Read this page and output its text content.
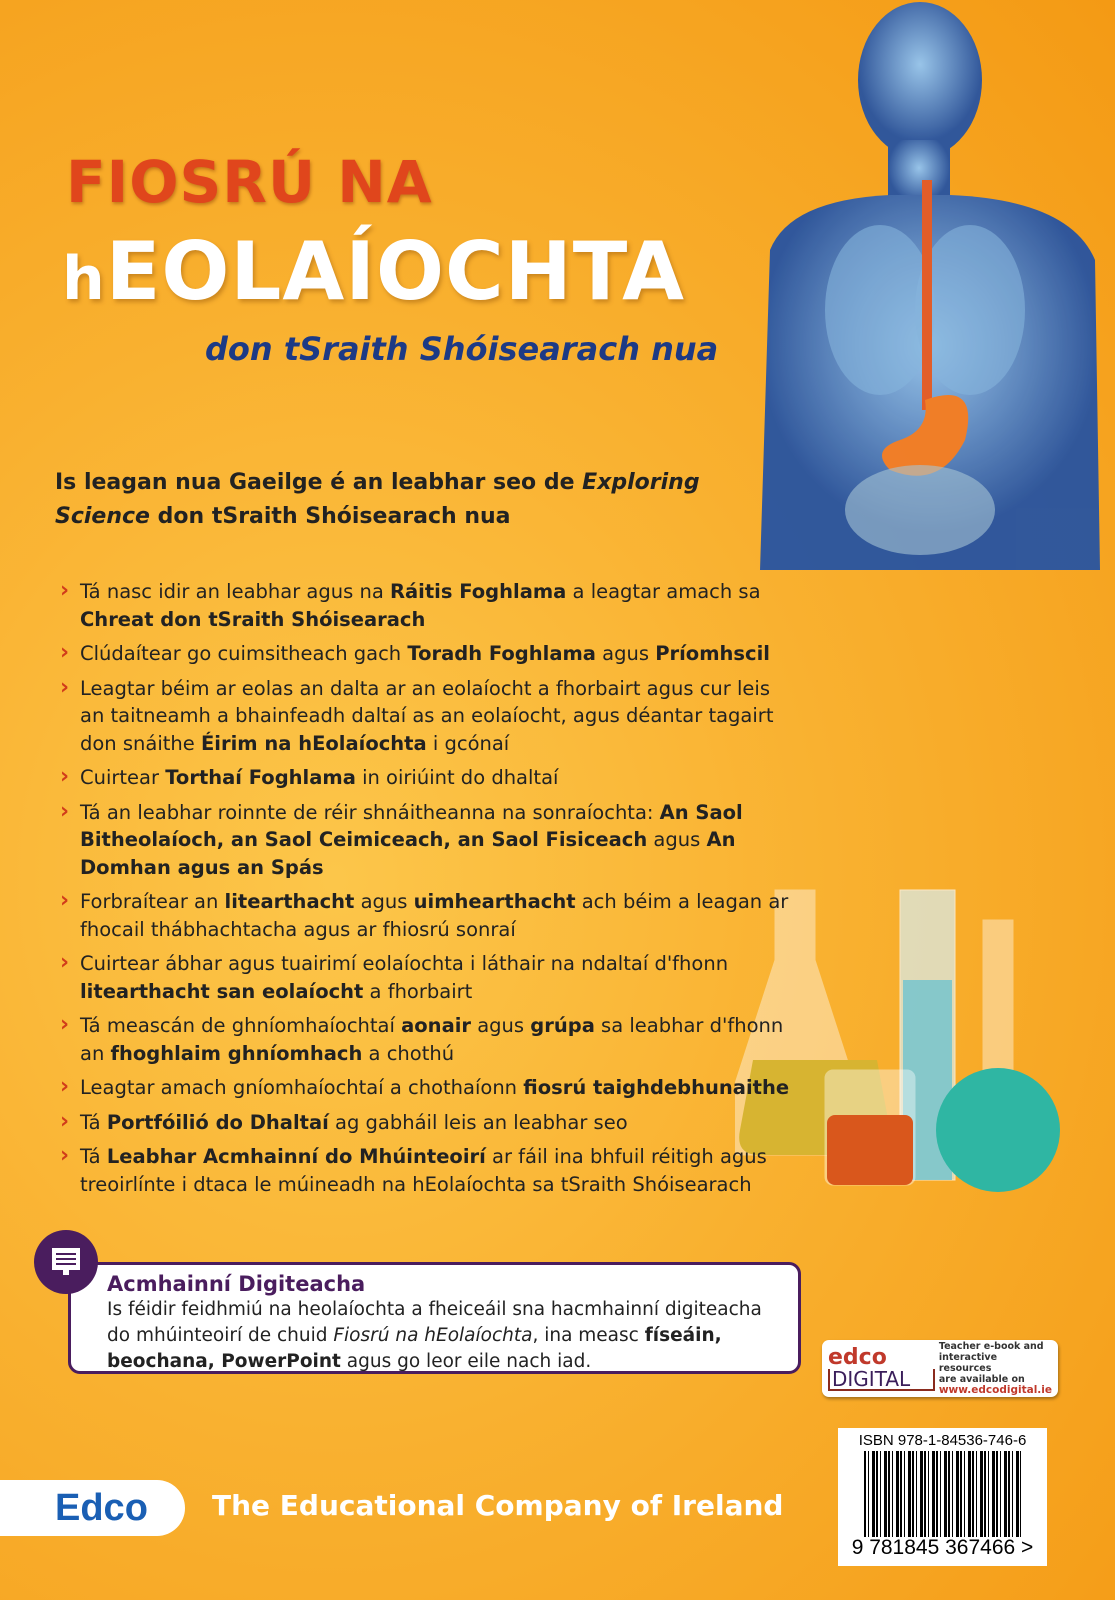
FIOSRÚ NA
hEOLAÍOCHTA
don tSraith Shóisearach nua
Is leagan nua Gaeilge é an leabhar seo de Exploring Science don tSraith Shóisearach nua
› Tá nasc idir an leabhar agus na Ráitis Foghlama a leagtar amach sa Chreat don tSraith Shóisearach
› Clúdaítear go cuimsitheach gach Toradh Foghlama agus Príomhscil
› Leagtar béim ar eolas an dalta ar an eolaíocht a fhorbairt agus cur leis an taitneamh a bhainfeadh daltaí as an eolaíocht, agus déantar tagairt don snáithe Éirim na hEolaíochta i gcónaí
› Cuirtear Torthaí Foghlama in oiriúint do dhaltaí
› Tá an leabhar roinnte de réir shnáitheanna na sonraíochta: An Saol Bitheolaíoch, an Saol Ceimiceach, an Saol Fisiceach agus An Domhan agus an Spás
› Forbraítear an litearthacht agus uimhearthacht ach béim a leagan ar fhocail thábhachtacha agus ar fhiosrú sonraí
› Cuirtear ábhar agus tuairimí eolaíochta i láthair na ndaltaí d'fhonn litearthacht san eolaíocht a fhorbairt
› Tá meascán de ghníomhaíochtaí aonair agus grúpa sa leabhar d'fhonn an fhoghlaim ghníomhach a chothú
› Leagtar amach gníomhaíochtaí a chothaíonn fiosrú taighdebhunaithe
› Tá Portfóilió do Dhaltaí ag gabháil leis an leabhar seo
› Tá Leabhar Acmhainní do Mhúinteoirí ar fáil ina bhfuil réitigh agus treoirlínte i dtaca le múineadh na hEolaíochta sa tSraith Shóisearach
Acmhainní Digiteacha
Is féidir feidhmiú na heolaíochta a fheiceáil sna hacmhainní digiteacha do mhúinteoirí de chuid Fiosrú na hEolaíochta, ina measc físeáin, beochana, PowerPoint agus go leor eile nach iad.	edco
DIGITAL
Teacher e-book and
interactive resources
are available on
www.edcodigital.ie
ISBN 978-1-84536-746-6
9 781845 367466 >
Edco	The Educational Company of Ireland
